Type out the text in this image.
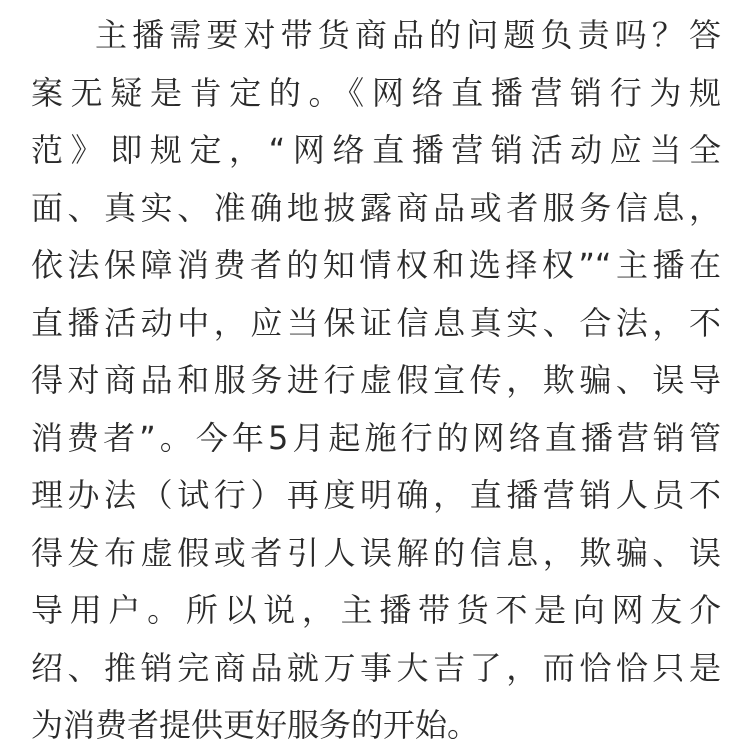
主播需要对带货商品的问题负责吗？答
案无疑是肯定的。《网络直播营销行为规
范》即规定，“网络直播营销活动应当全
面、真实、准确地披露商品或者服务信息，
依法保障消费者的知情权和选择权”“主播在
直播活动中，应当保证信息真实、合法，不
得对商品和服务进行虚假宣传，欺骗、误导
消费者”。今年5月起施行的网络直播营销管
理办法（试行）再度明确，直播营销人员不
得发布虚假或者引人误解的信息，欺骗、误
导用户。所以说，主播带货不是向网友介
绍、推销完商品就万事大吉了，而恰恰只是
为消费者提供更好服务的开始。
